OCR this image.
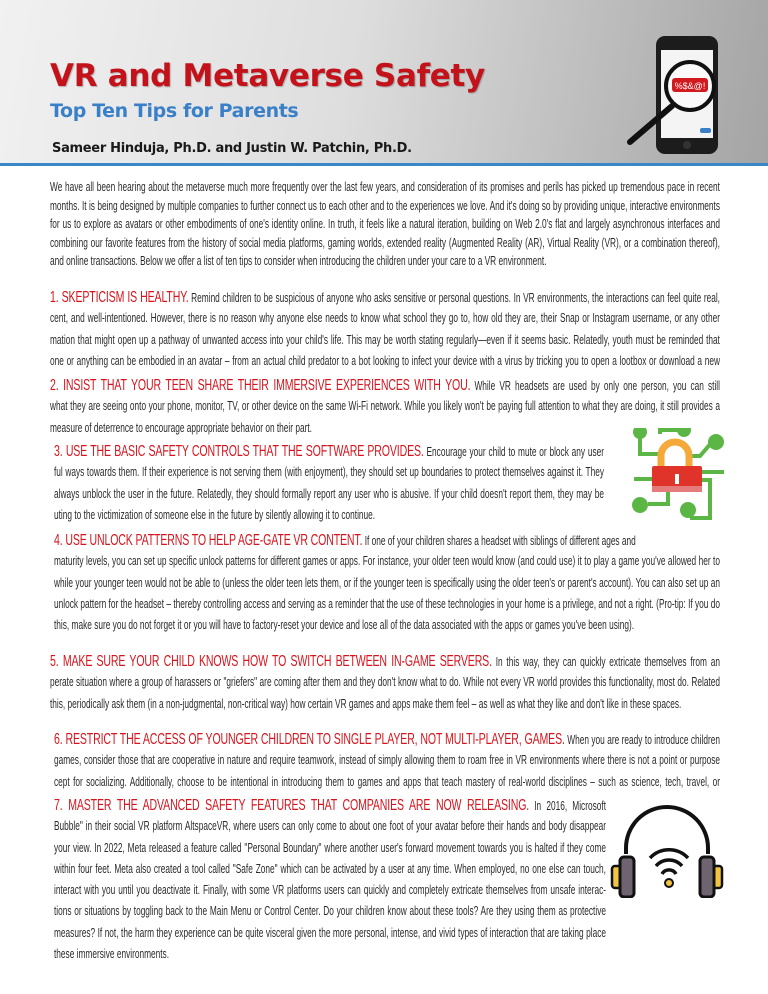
VR and Metaverse Safety
Top Ten Tips for Parents
Sameer Hinduja, Ph.D. and Justin W. Patchin, Ph.D.
%$&@!
We have all been hearing about the metaverse much more frequently over the last few years, and consideration of its promises and perils has picked up tremendous pace in recent
months. It is being designed by multiple companies to further connect us to each other and to the experiences we love. And it's doing so by providing unique, interactive environments
for us to explore as avatars or other embodiments of one's identity online. In truth, it feels like a natural iteration, building on Web 2.0's flat and largely asynchronous interfaces and
combining our favorite features from the history of social media platforms, gaming worlds, extended reality (Augmented Reality (AR), Virtual Reality (VR), or a combination thereof),
and online transactions. Below we offer a list of ten tips to consider when introducing the children under your care to a VR environment.
1. SKEPTICISM IS HEALTHY. Remind children to be suspicious of anyone who asks sensitive or personal questions. In VR environments, the interactions can feel quite real,
cent, and well-intentioned. However, there is no reason why anyone else needs to know what school they go to, how old they are, their Snap or Instagram username, or any other
mation that might open up a pathway of unwanted access into your child's life. This may be worth stating regularly—even if it seems basic. Relatedly, youth must be reminded that
one or anything can be embodied in an avatar – from an actual child predator to a bot looking to infect your device with a virus by tricking you to open a lootbox or download a new
2. INSIST THAT YOUR TEEN SHARE THEIR IMMERSIVE EXPERIENCES WITH YOU. While VR headsets are used by only one person, you can still
what they are seeing onto your phone, monitor, TV, or other device on the same Wi-Fi network. While you likely won't be paying full attention to what they are doing, it still provides a
measure of deterrence to encourage appropriate behavior on their part.
3. USE THE BASIC SAFETY CONTROLS THAT THE SOFTWARE PROVIDES. Encourage your child to mute or block any user
ful ways towards them. If their experience is not serving them (with enjoyment), they should set up boundaries to protect themselves against it. They
always unblock the user in the future. Relatedly, they should formally report any user who is abusive. If your child doesn't report them, they may be
uting to the victimization of someone else in the future by silently allowing it to continue.
4. USE UNLOCK PATTERNS TO HELP AGE-GATE VR CONTENT. If one of your children shares a headset with siblings of different ages and
maturity levels, you can set up specific unlock patterns for different games or apps. For instance, your older teen would know (and could use) it to play a game you've allowed her to
while your younger teen would not be able to (unless the older teen lets them, or if the younger teen is specifically using the older teen's or parent's account). You can also set up an
unlock pattern for the headset – thereby controlling access and serving as a reminder that the use of these technologies in your home is a privilege, and not a right. (Pro-tip: If you do
this, make sure you do not forget it or you will have to factory-reset your device and lose all of the data associated with the apps or games you've been using).
5. MAKE SURE YOUR CHILD KNOWS HOW TO SWITCH BETWEEN IN-GAME SERVERS. In this way, they can quickly extricate themselves from an
perate situation where a group of harassers or "griefers" are coming after them and they don't know what to do. While not every VR world provides this functionality, most do. Related
this, periodically ask them (in a non-judgmental, non-critical way) how certain VR games and apps make them feel – as well as what they like and don't like in these spaces.
6. RESTRICT THE ACCESS OF YOUNGER CHILDREN TO SINGLE PLAYER, NOT MULTI-PLAYER, GAMES. When you are ready to introduce children
games, consider those that are cooperative in nature and require teamwork, instead of simply allowing them to roam free in VR environments where there is not a point or purpose
cept for socializing. Additionally, choose to be intentional in introducing them to games and apps that teach mastery of real-world disciplines – such as science, tech, travel, or
7. MASTER THE ADVANCED SAFETY FEATURES THAT COMPANIES ARE NOW RELEASING. In 2016, Microsoft
Bubble" in their social VR platform AltspaceVR, where users can only come to about one foot of your avatar before their hands and body disappear
your view. In 2022, Meta released a feature called "Personal Boundary" where another user's forward movement towards you is halted if they come
within four feet. Meta also created a tool called "Safe Zone" which can be activated by a user at any time. When employed, no one else can touch,
interact with you until you deactivate it. Finally, with some VR platforms users can quickly and completely extricate themselves from unsafe interac-
tions or situations by toggling back to the Main Menu or Control Center. Do your children know about these tools? Are they using them as protective
measures? If not, the harm they experience can be quite visceral given the more personal, intense, and vivid types of interaction that are taking place
these immersive environments.
